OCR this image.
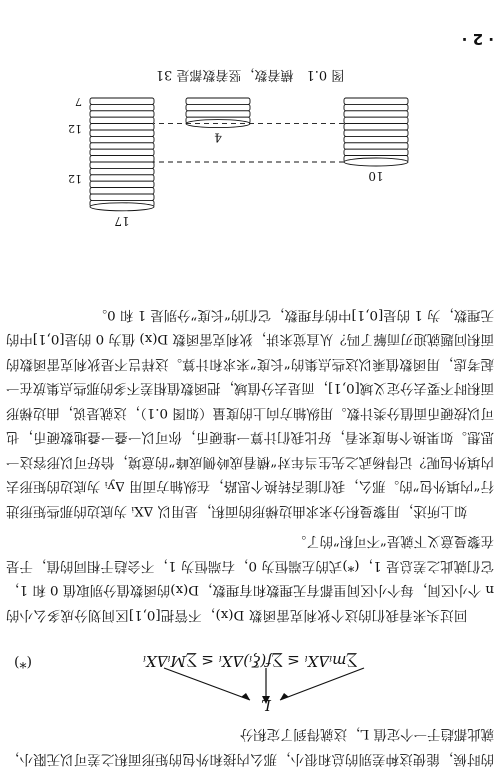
的时候，能使这种差别的总和很小，那么内接和外包的矩形面积之差可以无限小，就此都趋于一个定值 L，这就得到了定积分

L
∑mᵢΔXᵢ ≤ ∑f(ξᵢ)ΔXᵢ ≤ ∑MᵢΔXᵢ
(*)

回过头来看我们的这个狄利克雷函数 D(x)，不管把[0,1]区间划分成多么小的 n 个小区间，每个小区间里都有无理数和有理数，D(x)的函数值分别取值 0 和 1，它们就此之差总是 1，(*)式的左端恒为 0，右端恒为 1，不会趋于相同的值，于是在黎曼意义下就是“不可积”的了。

如上所述，用黎曼积分来求曲边梯形的面积，是用以 ΔXᵢ 为底边的那些矩形进行“内填外包”的。那么，我们能否转换个思路，在纵轴方面用 Δyᵢ 为底边的矩形去内填外包呢？记得杨武之先生当年对“横看成岭侧成峰”的意境，恰好可以形容这一思想。如果换个角度来看，好比我们计算一堆硬币，你可以一叠一叠地数硬币，也可以按硬币面值分类计数。用纵轴方向上的度量（如图 0.1），这就是说，曲边梯形面积时不要去分定义域[0,1]，而是去分值域，把函数值相差不多的那些点集放在一起考虑，用函数值乘以这些点集的“长度”来求和计算。这样岂不是狄利克雷函数的面积问题就迎刃而解了吗？从直觉来讲，狄利克雷函数 D(x) 值为 0 的是[0,1]中的无理数，为 1 的是[0,1]中的有理数，它们的“长度”分别是 1 和 0。

10
4
17
12
12
7
图 0.1　横着数，竖着数都是 31
· 2 ·
